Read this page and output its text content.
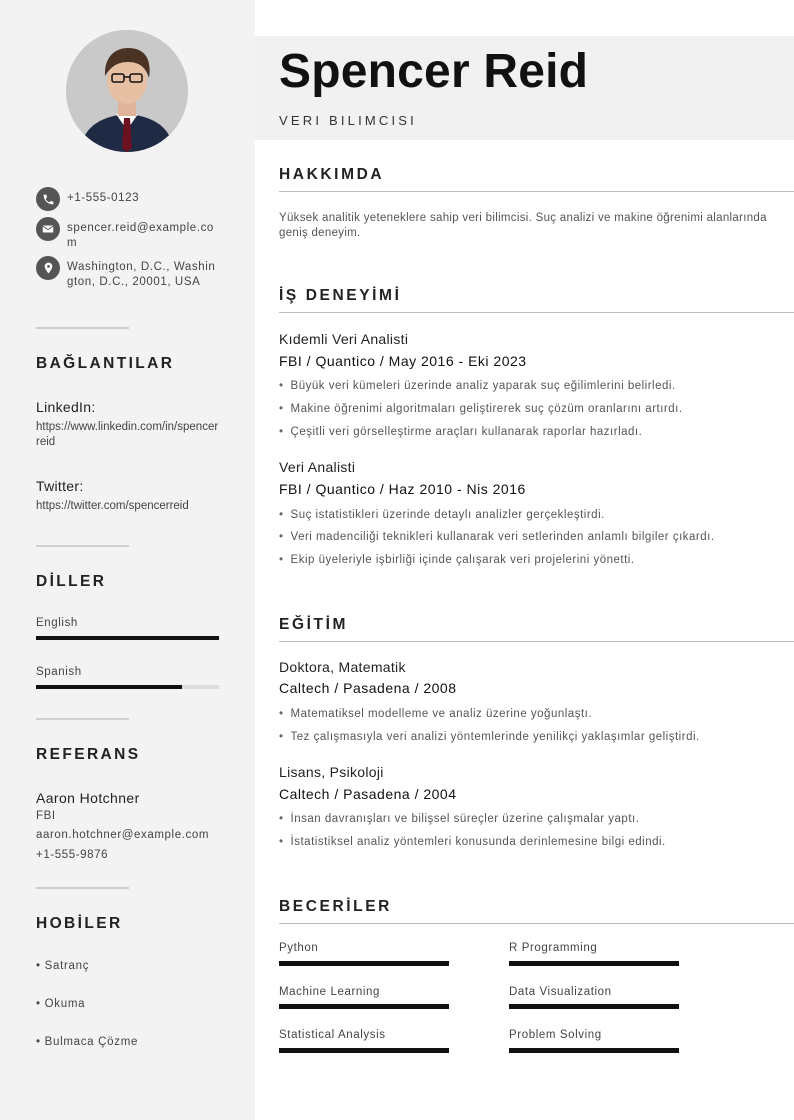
+1-555-0123
spencer.reid@example.com
Washington, D.C., Washington, D.C., 20001, USA
BAĞLANTILAR
LinkedIn:
https://www.linkedin.com/in/spencerreid
Twitter:
https://twitter.com/spencerreid
DİLLER
English
Spanish
REFERANS
Aaron Hotchner
FBI
aaron.hotchner@example.com
+1-555-9876
HOBİLER
• Satranç
• Okuma
• Bulmaca Çözme
Spencer Reid
VERI BILIMCISI
HAKKIMDA
Yüksek analitik yeteneklere sahip veri bilimcisi. Suç analizi ve makine öğrenimi alanlarında geniş deneyim.
İŞ DENEYİMİ
Kıdemli Veri Analisti
FBI / Quantico / May 2016 - Eki 2023
• Büyük veri kümeleri üzerinde analiz yaparak suç eğilimlerini belirledi.
• Makine öğrenimi algoritmaları geliştirerek suç çözüm oranlarını artırdı.
• Çeşitli veri görselleştirme araçları kullanarak raporlar hazırladı.
Veri Analisti
FBI / Quantico / Haz 2010 - Nis 2016
• Suç istatistikleri üzerinde detaylı analizler gerçekleştirdi.
• Veri madenciliği teknikleri kullanarak veri setlerinden anlamlı bilgiler çıkardı.
• Ekip üyeleriyle işbirliği içinde çalışarak veri projelerini yönetti.
EĞİTİM
Doktora, Matematik
Caltech / Pasadena / 2008
• Matematiksel modelleme ve analiz üzerine yoğunlaştı.
• Tez çalışmasıyla veri analizi yöntemlerinde yenilikçi yaklaşımlar geliştirdi.
Lisans, Psikoloji
Caltech / Pasadena / 2004
• İnsan davranışları ve bilişsel süreçler üzerine çalışmalar yaptı.
• İstatistiksel analiz yöntemleri konusunda derinlemesine bilgi edindi.
BECERİLER
Python	R Programming
Machine Learning	Data Visualization
Statistical Analysis	Problem Solving
